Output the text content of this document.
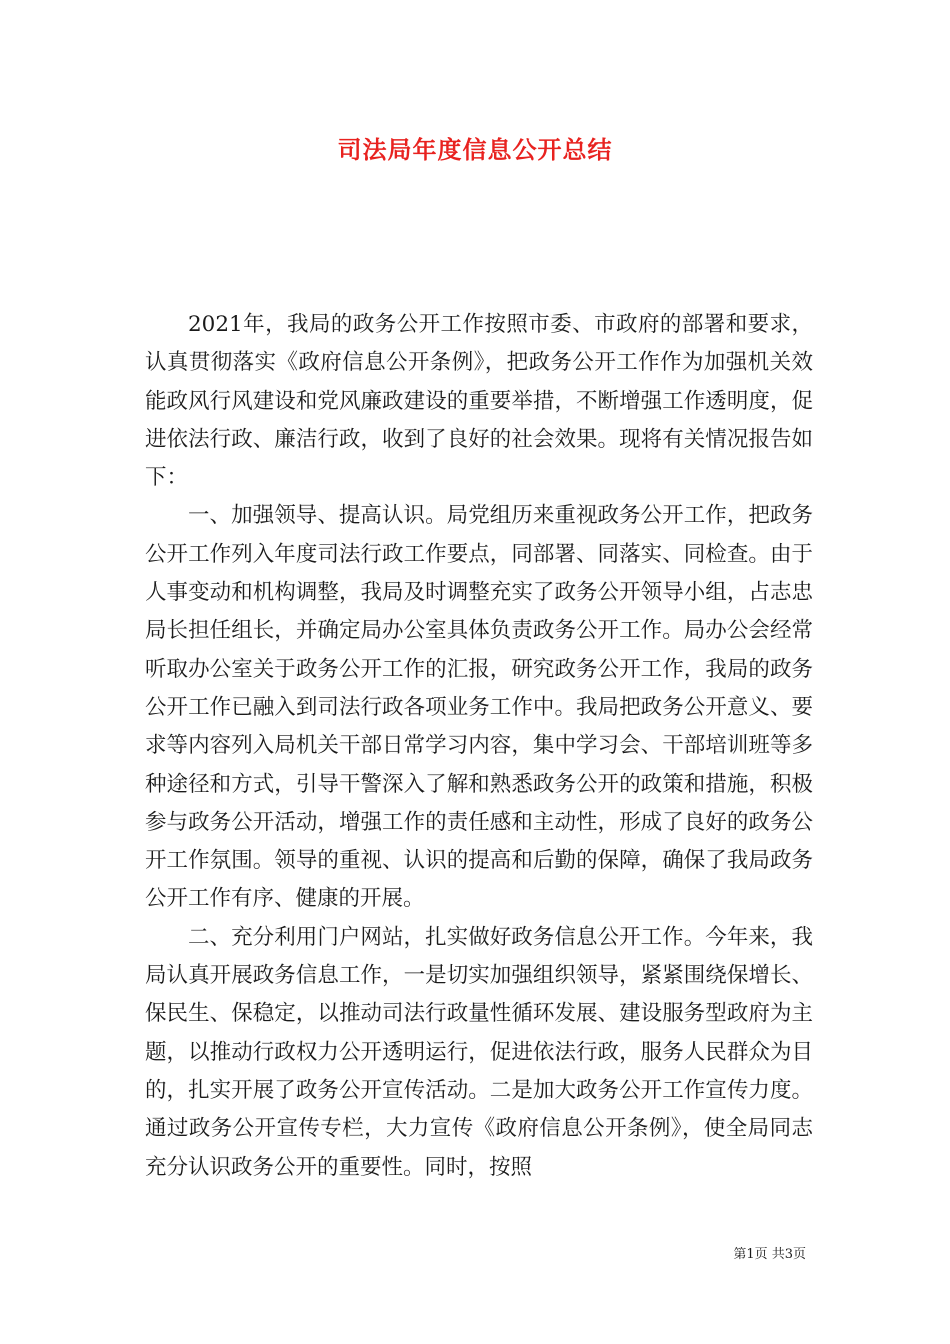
司法局年度信息公开总结

2021年，我局的政务公开工作按照市委、市政府的部署和要求，认真贯彻落实《政府信息公开条例》，把政务公开工作作为加强机关效能政风行风建设和党风廉政建设的重要举措，不断增强工作透明度，促进依法行政、廉洁行政，收到了良好的社会效果。现将有关情况报告如下：

一、加强领导、提高认识。局党组历来重视政务公开工作，把政务公开工作列入年度司法行政工作要点，同部署、同落实、同检查。由于人事变动和机构调整，我局及时调整充实了政务公开领导小组，占志忠局长担任组长，并确定局办公室具体负责政务公开工作。局办公会经常听取办公室关于政务公开工作的汇报，研究政务公开工作，我局的政务公开工作已融入到司法行政各项业务工作中。我局把政务公开意义、要求等内容列入局机关干部日常学习内容，集中学习会、干部培训班等多种途径和方式，引导干警深入了解和熟悉政务公开的政策和措施，积极参与政务公开活动，增强工作的责任感和主动性，形成了良好的政务公开工作氛围。领导的重视、认识的提高和后勤的保障，确保了我局政务公开工作有序、健康的开展。

二、充分利用门户网站，扎实做好政务信息公开工作。今年来，我局认真开展政务信息工作，一是切实加强组织领导，紧紧围绕保增长、保民生、保稳定，以推动司法行政量性循环发展、建设服务型政府为主题，以推动行政权力公开透明运行，促进依法行政，服务人民群众为目的，扎实开展了政务公开宣传活动。二是加大政务公开工作宣传力度。通过政务公开宣传专栏，大力宣传《政府信息公开条例》，使全局同志充分认识政务公开的重要性。同时，按照

第1页 共3页
